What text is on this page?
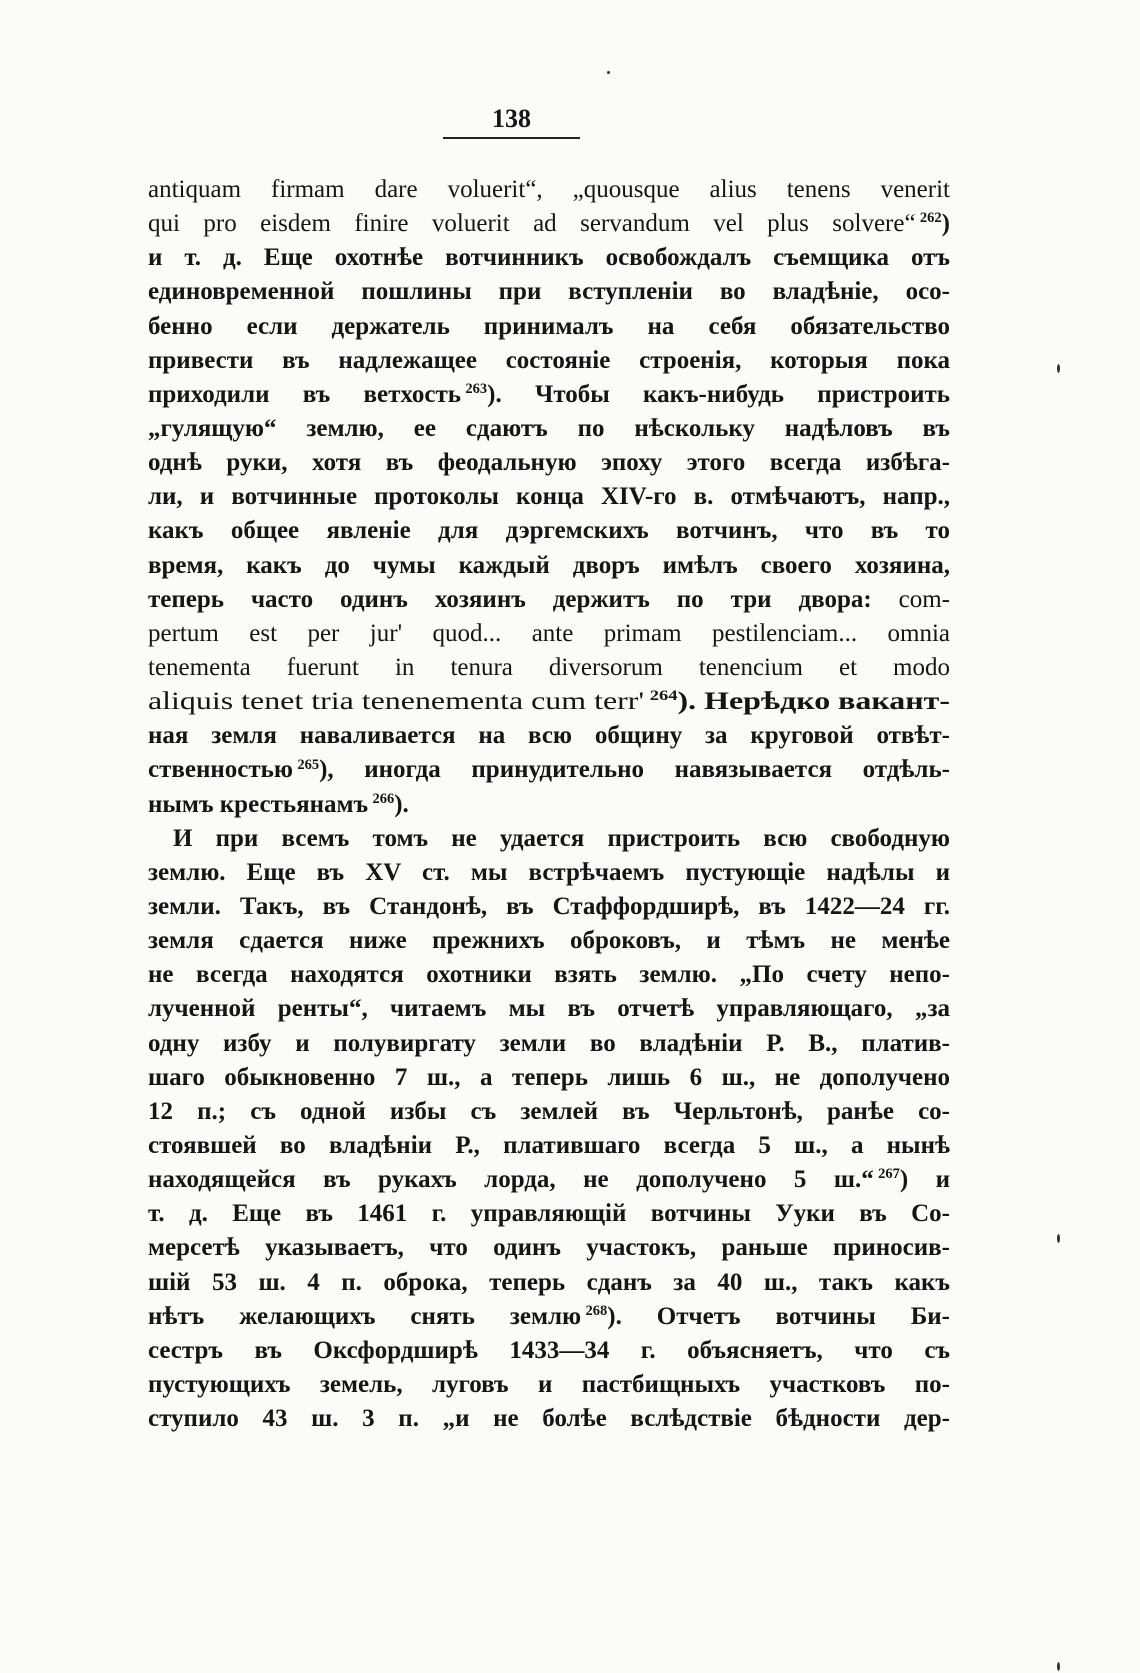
138
antiquam firmam dare voluerit“, „quousque alius tenens venerit
qui pro eisdem finire voluerit ad servandum vel plus solvere“ $^{262}$)
и т. д. Еще охотнѣе вотчинникъ освобождалъ съемщика отъ
единовременной пошлины при вступленіи во владѣніе, осо-
бенно если держатель принималъ на себя обязательство
привести въ надлежащее состояніе строенія, которыя пока
приходили въ ветхость $^{263}$). Чтобы какъ-нибудь пристроить
„гулящую“ землю, ее сдаютъ по нѣскольку надѣловъ въ
однѣ руки, хотя въ феодальную эпоху этого всегда избѣга-
ли, и вотчинные протоколы конца XIV-го в. отмѣчаютъ, напр.,
какъ общее явленіе для дэргемскихъ вотчинъ, что въ то
время, какъ до чумы каждый дворъ имѣлъ своего хозяина,
теперь часто одинъ хозяинъ держитъ по три двора: com-
pertum est per jur' quod... ante primam pestilenciam... omnia
tenementa fuerunt in tenura diversorum tenencium et modo
aliquis tenet tria tenenementa cum terr' $^{264}$). Нерѣдко вакант-
ная земля наваливается на всю общину за круговой отвѣт-
ственностью $^{265}$), иногда принудительно навязывается отдѣль-
нымъ крестьянамъ $^{266}$).
И при всемъ томъ не удается пристроить всю свободную
землю. Еще въ XV ст. мы встрѣчаемъ пустующіе надѣлы и
земли. Такъ, въ Стандонѣ, въ Стаффордширѣ, въ 1422—24 гг.
земля сдается ниже прежнихъ оброковъ, и тѣмъ не менѣе
не всегда находятся охотники взять землю. „По счету непо-
лученной ренты“, читаемъ мы въ отчетѣ управляющаго, „за
одну избу и полувиргату земли во владѣніи Р. В., платив-
шаго обыкновенно 7 ш., а теперь лишь 6 ш., не дополучено
12 п.; съ одной избы съ землей въ Черльтонѣ, ранѣе со-
стоявшей во владѣніи Р., платившаго всегда 5 ш., а нынѣ
находящейся въ рукахъ лорда, не дополучено 5 ш.“ $^{267}$) и
т. д. Еще въ 1461 г. управляющій вотчины Ууки въ Со-
мерсетѣ указываетъ, что одинъ участокъ, раньше приносив-
шій 53 ш. 4 п. оброка, теперь сданъ за 40 ш., такъ какъ
нѣтъ желающихъ снять землю $^{268}$). Отчетъ вотчины Би-
сестръ въ Оксфордширѣ 1433—34 г. объясняетъ, что съ
пустующихъ земель, луговъ и пастбищныхъ участковъ по-
ступило 43 ш. 3 п. „и не болѣе вслѣдствіе бѣдности дер-
